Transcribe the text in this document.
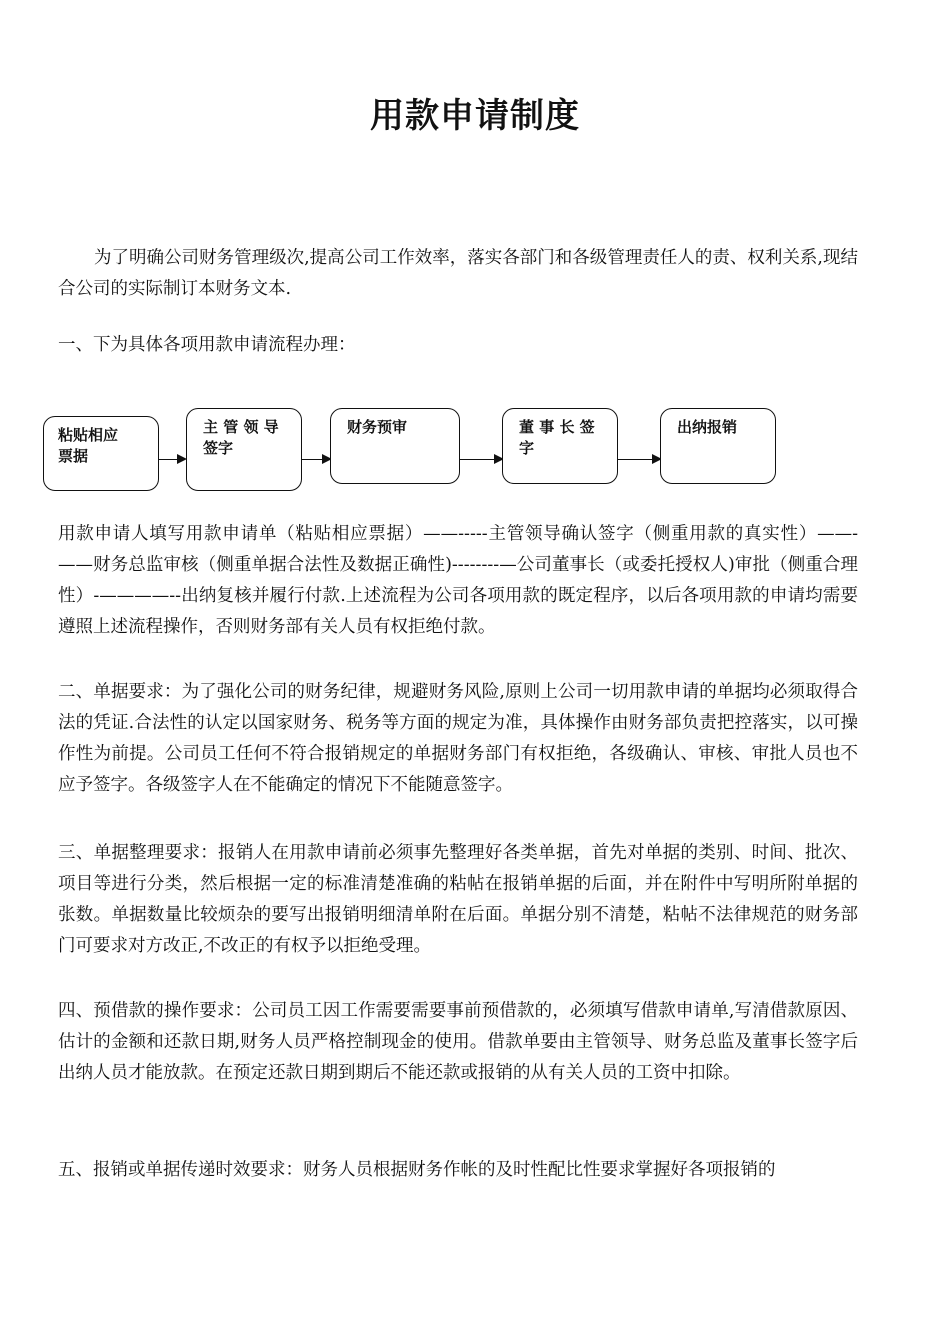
用款申请制度

为了明确公司财务管理级次,提高公司工作效率，落实各部门和各级管理责任人的责、权利关系,现结合公司的实际制订本财务文本.

一、下为具体各项用款申请流程办理：

粘贴相应票据
主 管 领 导 签字
财务预审	董 事 长 签 字
出纳报销

用款申请人填写用款申请单（粘贴相应票据）——-----主管领导确认签字（侧重用款的真实性）——-——财务总监审核（侧重单据合法性及数据正确性)--------—公司董事长（或委托授权人)审批（侧重合理性）-————--出纳复核并履行付款.上述流程为公司各项用款的既定程序，以后各项用款的申请均需要遵照上述流程操作，否则财务部有关人员有权拒绝付款。

二、单据要求：为了强化公司的财务纪律，规避财务风险,原则上公司一切用款申请的单据均必须取得合法的凭证.合法性的认定以国家财务、税务等方面的规定为准，具体操作由财务部负责把控落实，以可操作性为前提。公司员工任何不符合报销规定的单据财务部门有权拒绝，各级确认、审核、审批人员也不应予签字。各级签字人在不能确定的情况下不能随意签字。

三、单据整理要求：报销人在用款申请前必须事先整理好各类单据，首先对单据的类别、时间、批次、项目等进行分类，然后根据一定的标准清楚准确的粘帖在报销单据的后面，并在附件中写明所附单据的张数。单据数量比较烦杂的要写出报销明细清单附在后面。单据分别不清楚，粘帖不法律规范的财务部门可要求对方改正,不改正的有权予以拒绝受理。

四、预借款的操作要求：公司员工因工作需要需要事前预借款的，必须填写借款申请单,写清借款原因、估计的金额和还款日期,财务人员严格控制现金的使用。借款单要由主管领导、财务总监及董事长签字后出纳人员才能放款。在预定还款日期到期后不能还款或报销的从有关人员的工资中扣除。

五、报销或单据传递时效要求：财务人员根据财务作帐的及时性配比性要求掌握好各项报销的
